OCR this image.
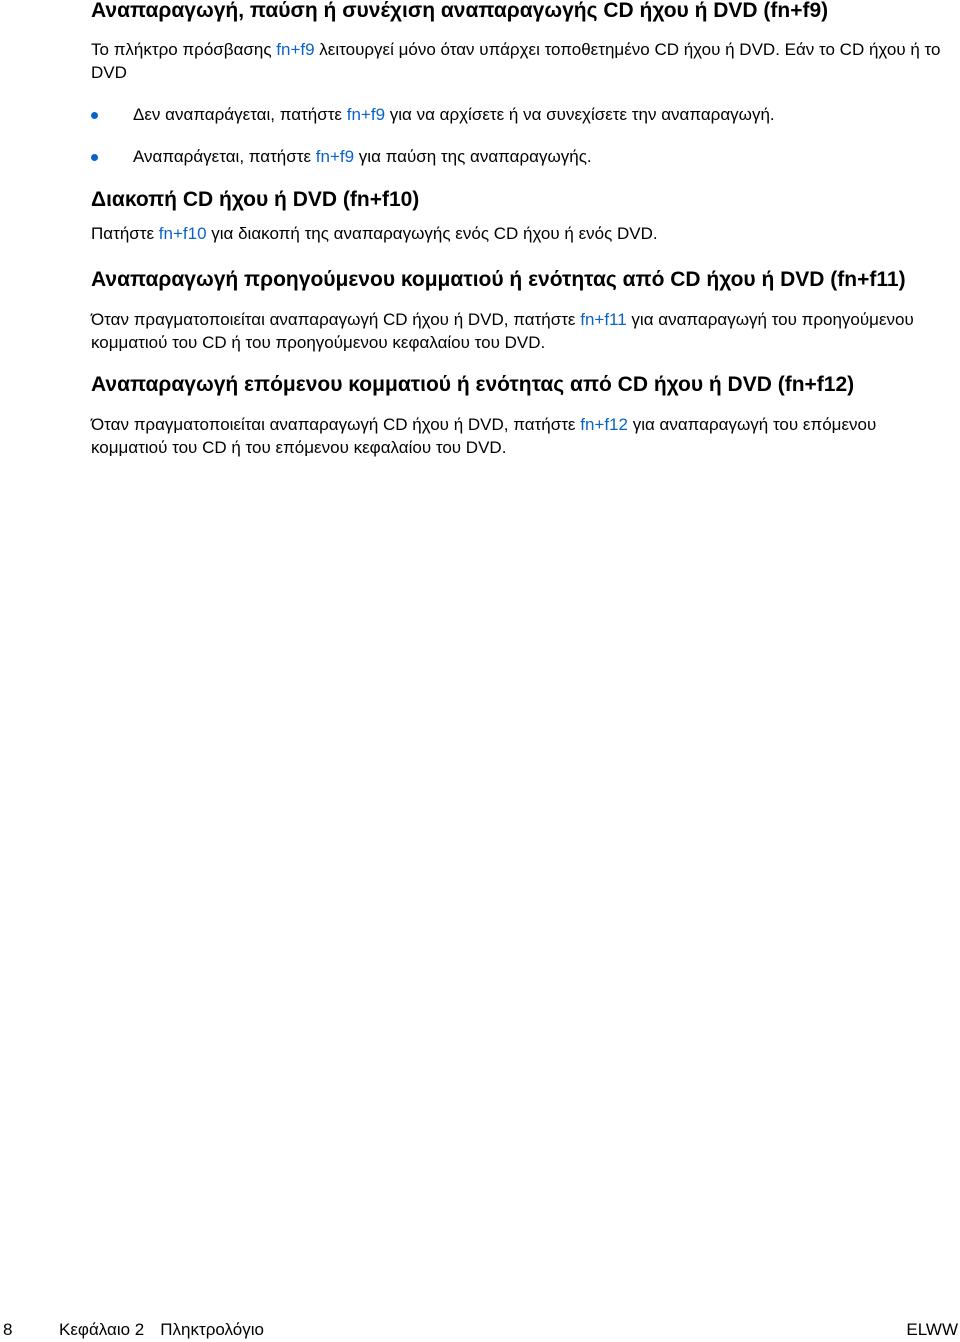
Αναπαραγωγή, παύση ή συνέχιση αναπαραγωγής CD ήχου ή DVD (fn+f9)

Το πλήκτρο πρόσβασης fn+f9 λειτουργεί μόνο όταν υπάρχει τοποθετημένο CD ήχου ή DVD. Εάν το CD ήχου ή το DVD

Δεν αναπαράγεται, πατήστε fn+f9 για να αρχίσετε ή να συνεχίσετε την αναπαραγωγή.
Αναπαράγεται, πατήστε fn+f9 για παύση της αναπαραγωγής.
Διακοπή CD ήχου ή DVD (fn+f10)

Πατήστε fn+f10 για διακοπή της αναπαραγωγής ενός CD ήχου ή ενός DVD.

Αναπαραγωγή προηγούμενου κομματιού ή ενότητας από CD ήχου ή DVD (fn+f11)

Όταν πραγματοποιείται αναπαραγωγή CD ήχου ή DVD, πατήστε fn+f11 για αναπαραγωγή του προηγούμενου κομματιού του CD ή του προηγούμενου κεφαλαίου του DVD.

Αναπαραγωγή επόμενου κομματιού ή ενότητας από CD ήχου ή DVD (fn+f12)

Όταν πραγματοποιείται αναπαραγωγή CD ήχου ή DVD, πατήστε fn+f12 για αναπαραγωγή του επόμενου κομματιού του CD ή του επόμενου κεφαλαίου του DVD.

8	Κεφάλαιο 2 Πληκτρολόγιο	ELWW
